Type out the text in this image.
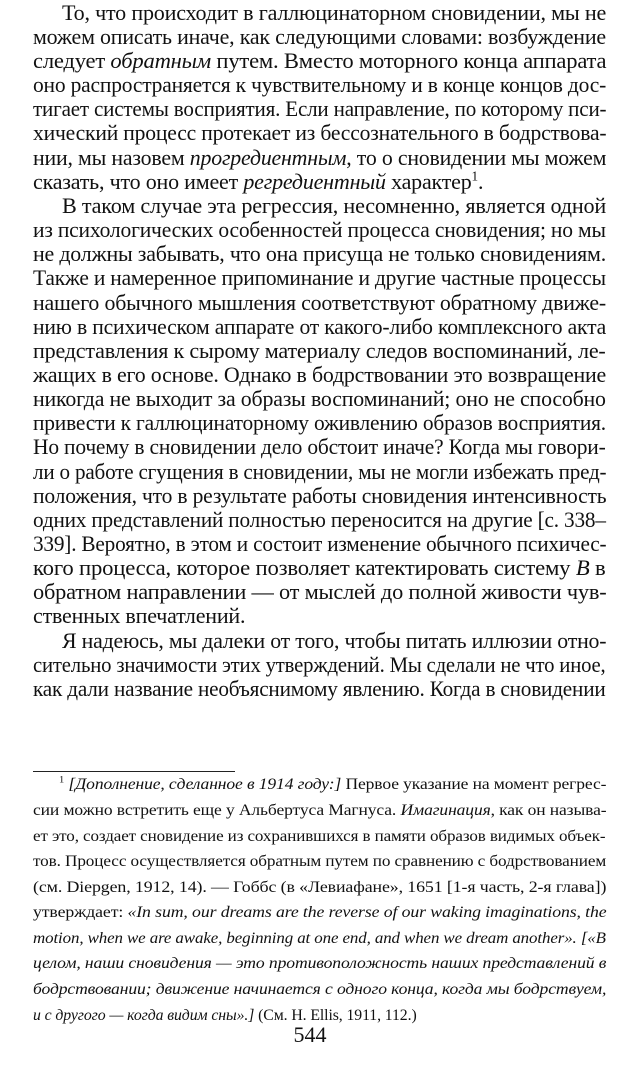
То, что происходит в галлюцинаторном сновидении, мы не
можем описать иначе, как следующими словами: возбуждение
следует обратным путем. Вместо моторного конца аппарата
оно распространяется к чувствительному и в конце концов дос-
тигает системы восприятия. Если направление, по которому пси-
хический процесс протекает из бессознательного в бодрствова-
нии, мы назовем прогредиентным, то о сновидении мы можем
сказать, что оно имеет регредиентный характер$^1$.
В таком случае эта регрессия, несомненно, является одной
из психологических особенностей процесса сновидения; но мы
не должны забывать, что она присуща не только сновидениям.
Также и намеренное припоминание и другие частные процессы
нашего обычного мышления соответствуют обратному движе-
нию в психическом аппарате от какого-либо комплексного акта
представления к сырому материалу следов воспоминаний, ле-
жащих в его основе. Однако в бодрствовании это возвращение
никогда не выходит за образы воспоминаний; оно не способно
привести к галлюцинаторному оживлению образов восприятия.
Но почему в сновидении дело обстоит иначе? Когда мы говори-
ли о работе сгущения в сновидении, мы не могли избежать пред-
положения, что в результате работы сновидения интенсивность
одних представлений полностью переносится на другие [с. 338–
339]. Вероятно, в этом и состоит изменение обычного психичес-
кого процесса, которое позволяет катектировать систему В в
обратном направлении — от мыслей до полной живости чув-
ственных впечатлений.
Я надеюсь, мы далеки от того, чтобы питать иллюзии отно-
сительно значимости этих утверждений. Мы сделали не что иное,
как дали название необъяснимому явлению. Когда в сновидении
$^1$ [Дополнение, сделанное в 1914 году:] Первое указание на момент регрес-
сии можно встретить еще у Альбертуса Магнуса. Имагинация, как он называ-
ет это, создает сновидение из сохранившихся в памяти образов видимых объек-
тов. Процесс осуществляется обратным путем по сравнению с бодрствованием
(см. Diepgen, 1912, 14). — Гоббс (в «Левиафане», 1651 [1-я часть, 2-я глава])
утверждает: «In sum, our dreams are the reverse of our waking imaginations, the
motion, when we are awake, beginning at one end, and when we dream another». [«В
целом, наши сновидения — это противоположность наших представлений в
бодрствовании; движение начинается с одного конца, когда мы бодрствуем,
и с другого — когда видим сны».] (См. H. Ellis, 1911, 112.)
544
